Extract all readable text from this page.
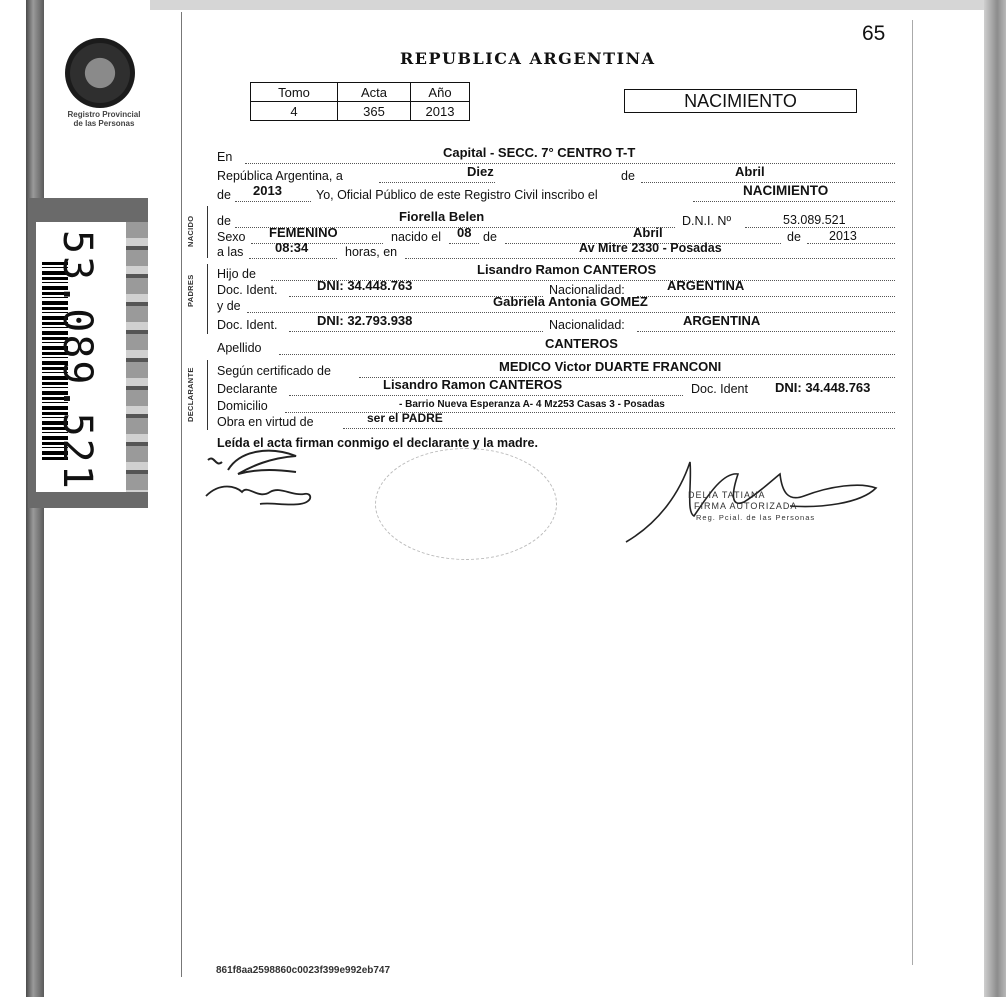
Registro Provincial
de las Personas
53.089.521
65
REPUBLICA ARGENTINA
Tomo	Acta	Año
4	365	2013	NACIMIENTO
En	Capital - SECC. 7° CENTRO T-T
República Argentina, a	Diez	de	Abril
de 2013	Yo, Oficial Público de este Registro Civil inscribo el	NACIMIENTO
NACIDO de	Fiorella Belen	D.N.I. Nº	53.089.521
Sexo FEMENINO	nacido el 08 de	Abril	de 2013
a las 08:34	horas, en	Av Mitre 2330 - Posadas
PADRES
Hijo de	Lisandro Ramon CANTEROS
Doc. Ident.	DNI: 34.448.763	Nacionalidad:	ARGENTINA
y de	Gabriela Antonia GOMEZ
Doc. Ident.	DNI: 32.793.938	Nacionalidad:	ARGENTINA
Apellido	CANTEROS
DECLARANTE Según certificado de	MEDICO Victor DUARTE FRANCONI
Declarante	Lisandro Ramon CANTEROS	Doc. Ident DNI: 34.448.763
Domicilio	- Barrio Nueva Esperanza A- 4 Mz253 Casas 3 - Posadas
Obra en virtud de	ser el PADRE
Leída el acta firman conmigo el declarante y la madre.
DELIA TATIANA
FIRMA AUTORIZADA
Reg. Pcial. de las Personas
861f8aa2598860c0023f399e992eb747
